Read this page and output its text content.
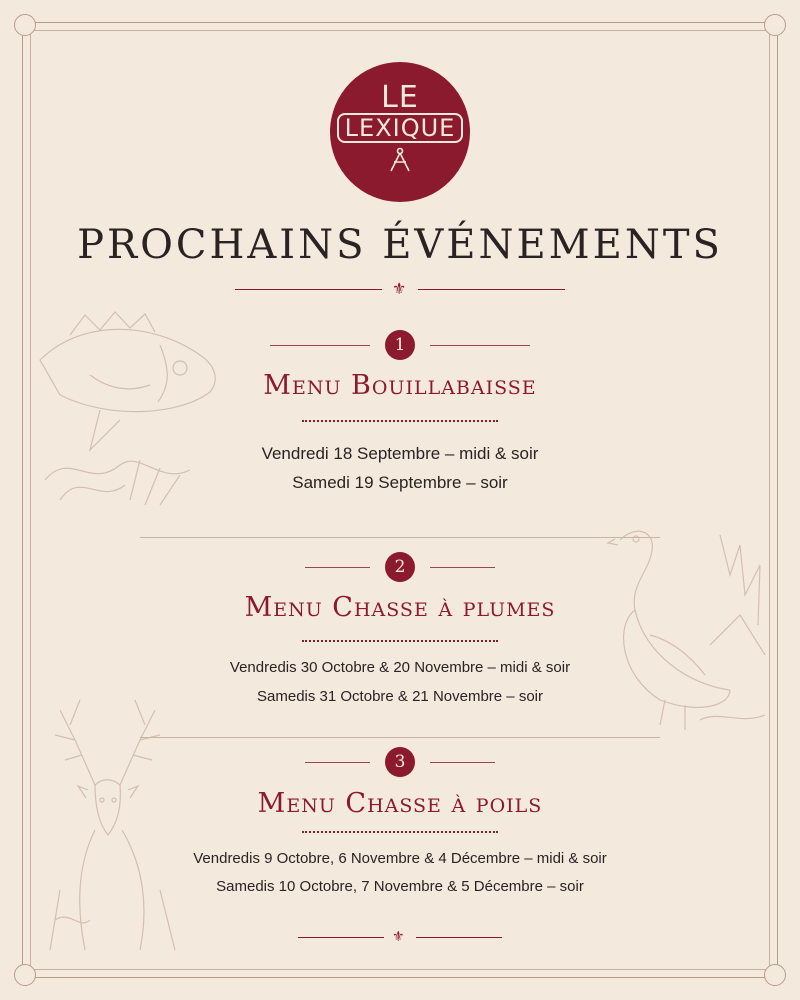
LE
LEXIQUE
PROCHAINS ÉVÉNEMENTS
⚜
1
Menu Bouillabaisse
Vendredi 18 Septembre – midi & soir
Samedi 19 Septembre – soir
2
Menu Chasse à plumes
Vendredis 30 Octobre & 20 Novembre – midi & soir
Samedis 31 Octobre & 21 Novembre – soir
3
Menu Chasse à poils
Vendredis 9 Octobre, 6 Novembre & 4 Décembre – midi & soir
Samedis 10 Octobre, 7 Novembre & 5 Décembre – soir
⚜
